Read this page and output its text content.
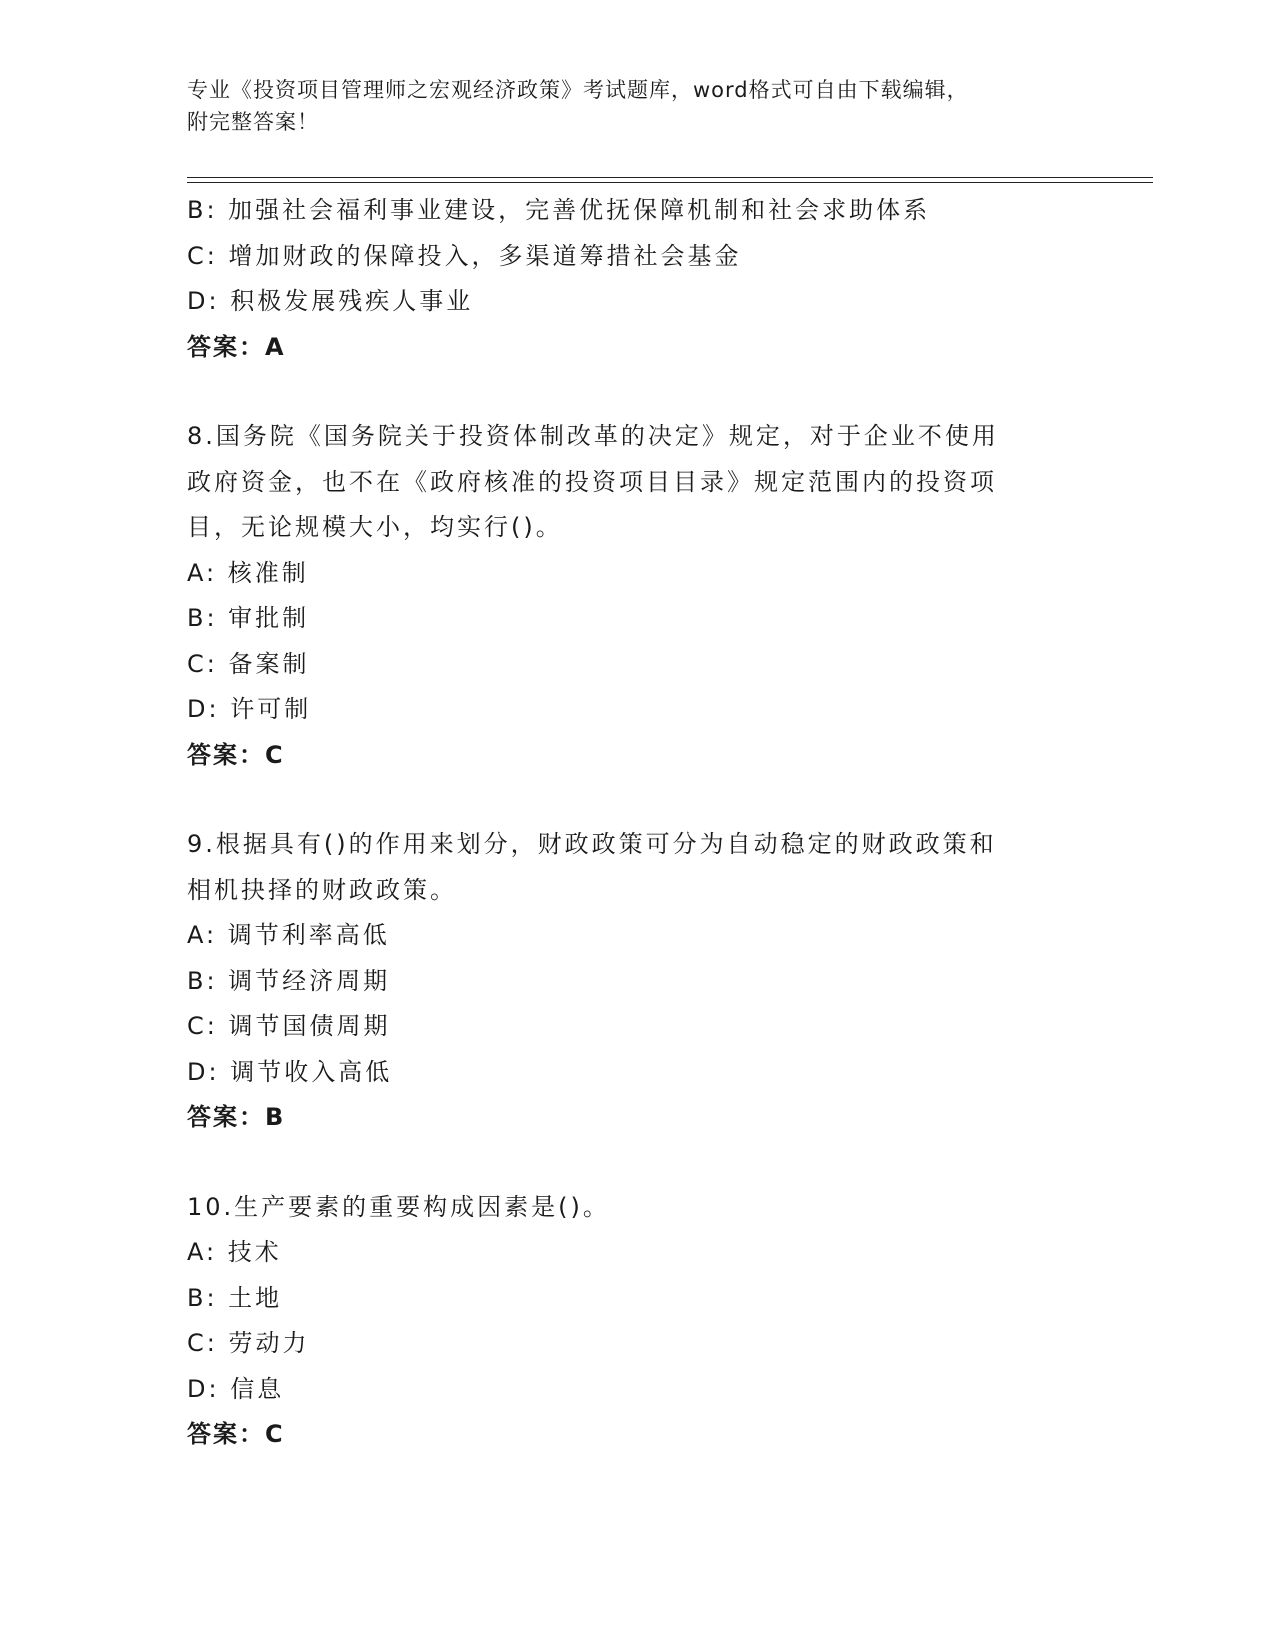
专业《投资项目管理师之宏观经济政策》考试题库，word格式可自由下载编辑，
附完整答案！
B: 加强社会福利事业建设，完善优抚保障机制和社会求助体系
C: 增加财政的保障投入，多渠道筹措社会基金
D: 积极发展残疾人事业
答案：A
8.国务院《国务院关于投资体制改革的决定》规定，对于企业不使用
政府资金，也不在《政府核准的投资项目目录》规定范围内的投资项
目，无论规模大小，均实行()。
A: 核准制
B: 审批制
C: 备案制
D: 许可制
答案：C
9.根据具有()的作用来划分，财政政策可分为自动稳定的财政政策和
相机抉择的财政政策。
A: 调节利率高低
B: 调节经济周期
C: 调节国债周期
D: 调节收入高低
答案：B
10.生产要素的重要构成因素是()。
A: 技术
B: 土地
C: 劳动力
D: 信息
答案：C
